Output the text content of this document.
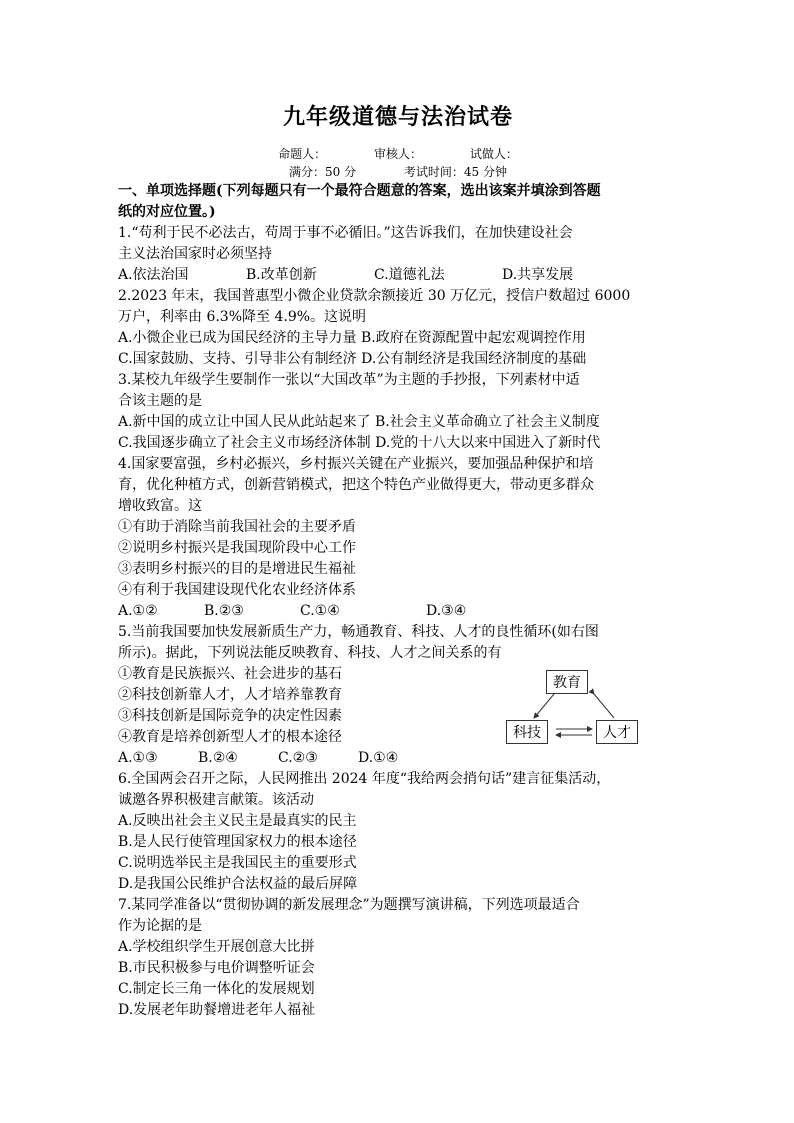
九年级道德与法治试卷
命题人：	审核人：	试做人：
满分：50 分	考试时间：45 分钟
一、单项选择题(下列每题只有一个最符合题意的答案，选出该案并填涂到答题
纸的对应位置。)
1.“苟利于民不必法古，苟周于事不必循旧。”这告诉我们，在加快建设社会
主义法治国家时必须坚持
A.依法治国	B.改革创新	C.道德礼法	D.共享发展
2.2023 年末，我国普惠型小微企业贷款余额接近 30 万亿元，授信户数超过 6000
万户，利率由 6.3%降至 4.9%。这说明
A.小微企业已成为国民经济的主导力量 B.政府在资源配置中起宏观调控作用
C.国家鼓励、支持、引导非公有制经济 D.公有制经济是我国经济制度的基础
3.某校九年级学生要制作一张以“大国改革”为主题的手抄报，下列素材中适
合该主题的是
A.新中国的成立让中国人民从此站起来了 B.社会主义革命确立了社会主义制度
C.我国逐步确立了社会主义市场经济体制 D.党的十八大以来中国进入了新时代
4.国家要富强，乡村必振兴，乡村振兴关键在产业振兴，要加强品种保护和培
育，优化种植方式，创新营销模式，把这个特色产业做得更大，带动更多群众
增收致富。这
①有助于消除当前我国社会的主要矛盾
②说明乡村振兴是我国现阶段中心工作
③表明乡村振兴的目的是增进民生福祉
④有利于我国建设现代化农业经济体系
A.①②	B.②③	C.①④	D.③④
5.当前我国要加快发展新质生产力，畅通教育、科技、人才的良性循环(如右图
所示)。据此，下列说法能反映教育、科技、人才之间关系的有
①教育是民族振兴、社会进步的基石
②科技创新靠人才，人才培养靠教育
③科技创新是国际竞争的决定性因素
④教育是培养创新型人才的根本途径
A.①③	B.②④	C.②③	D.①④
教育
科技	人才
6.全国两会召开之际，人民网推出 2024 年度“我给两会捎句话”建言征集活动，
诚邀各界积极建言献策。该活动
A.反映出社会主义民主是最真实的民主
B.是人民行使管理国家权力的根本途径
C.说明选举民主是我国民主的重要形式
D.是我国公民维护合法权益的最后屏障
7.某同学准备以“贯彻协调的新发展理念”为题撰写演讲稿，下列选项最适合
作为论据的是
A.学校组织学生开展创意大比拼
B.市民积极参与电价调整听证会
C.制定长三角一体化的发展规划
D.发展老年助餐增进老年人福祉
